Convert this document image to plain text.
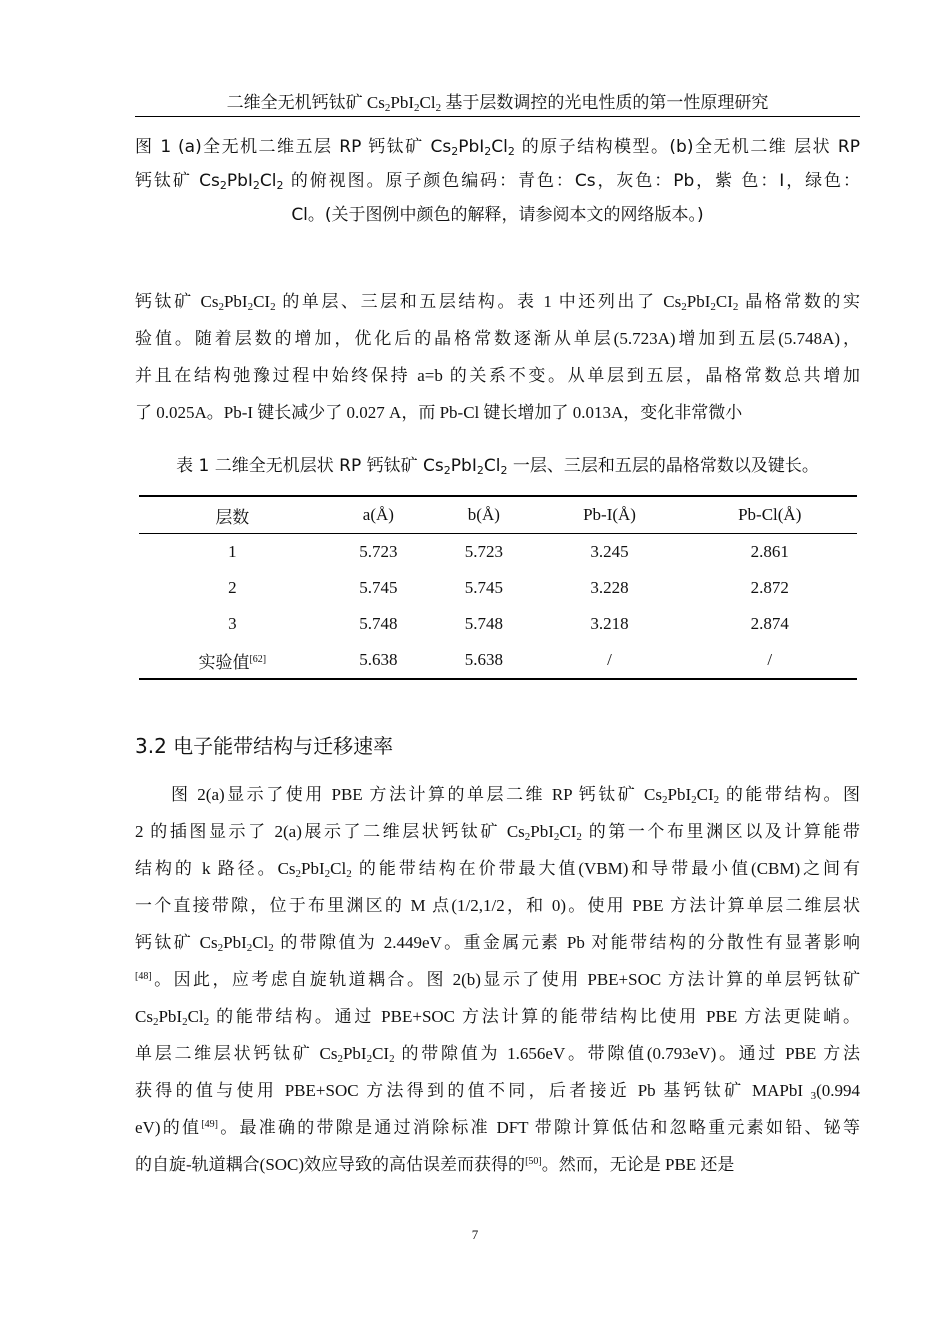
二维全无机钙钛矿 $Cs_2PbI_2Cl_2$ 基于层数调控的光电性质的第一性原理研究
图 1 (a)全无机二维五层 RP 钙钛矿 $Cs_2PbI_2Cl_2$ 的原子结构模型。(b)全无机二维 层状 RP
钙钛矿 $Cs_2PbI_2Cl_2$ 的俯视图。原子颜色编码：青色：Cs，灰色：Pb，紫 色：I，绿色：
Cl。(关于图例中颜色的解释，请参阅本文的网络版本。)
钙钛矿 $Cs_2PbI_2CI_2$ 的单层、三层和五层结构。表 1 中还列出了 $Cs_2PbI_2CI_2$ 晶格常数的实
验值。随着层数的增加，优化后的晶格常数逐渐从单层(5.723A)增加到五层(5.748A)，
并且在结构弛豫过程中始终保持 a=b 的关系不变。从单层到五层，晶格常数总共增加
了 0.025A。Pb-I 键长减少了 0.027 A，而 Pb-Cl 键长增加了 0.013A，变化非常微小
表 1 二维全无机层状 RP 钙钛矿 $Cs_2PbI_2Cl_2$ 一层、三层和五层的晶格常数以及键长。
层数	a(Å)	b(Å)	Pb-I(Å)	Pb-Cl(Å)
1	5.723	5.723	3.245	2.861
2	5.745	5.745	3.228	2.872
3	5.748	5.748	3.218	2.874
实验值[62]	5.638	5.638	/	/
3.2 电子能带结构与迁移速率
图 2(a)显示了使用 PBE 方法计算的单层二维 RP 钙钛矿 $Cs_2PbI_2CI_2$ 的能带结构。图
2 的插图显示了 2(a)展示了二维层状钙钛矿 $Cs_2PbI_2CI_2$ 的第一个布里渊区以及计算能带
结构的 k 路径。$Cs_2PbI_2Cl_2$ 的能带结构在价带最大值(VBM)和导带最小值(CBM)之间有
一个直接带隙，位于布里渊区的 M 点(1/2,1/2，和 0)。使用 PBE 方法计算单层二维层状
钙钛矿 $Cs_2PbI_2Cl_2$ 的带隙值为 2.449eV。重金属元素 Pb 对能带结构的分散性有显著影响
[48]。因此，应考虑自旋轨道耦合。图 2(b)显示了使用 PBE+SOC 方法计算的单层钙钛矿
$Cs_2PbI_2Cl_2$ 的能带结构。通过 PBE+SOC 方法计算的能带结构比使用 PBE 方法更陡峭。
单层二维层状钙钛矿 $Cs_2PbI_2CI_2$ 的带隙值为 1.656eV。带隙值(0.793eV)。通过 PBE 方法
获得的值与使用 PBE+SOC 方法得到的值不同，后者接近 Pb 基钙钛矿 MAPbI $_3$(0.994
eV)的值[49]。最准确的带隙是通过消除标准 DFT 带隙计算低估和忽略重元素如铅、铋等
的自旋-轨道耦合(SOC)效应导致的高估误差而获得的[50]。然而，无论是 PBE 还是
7
